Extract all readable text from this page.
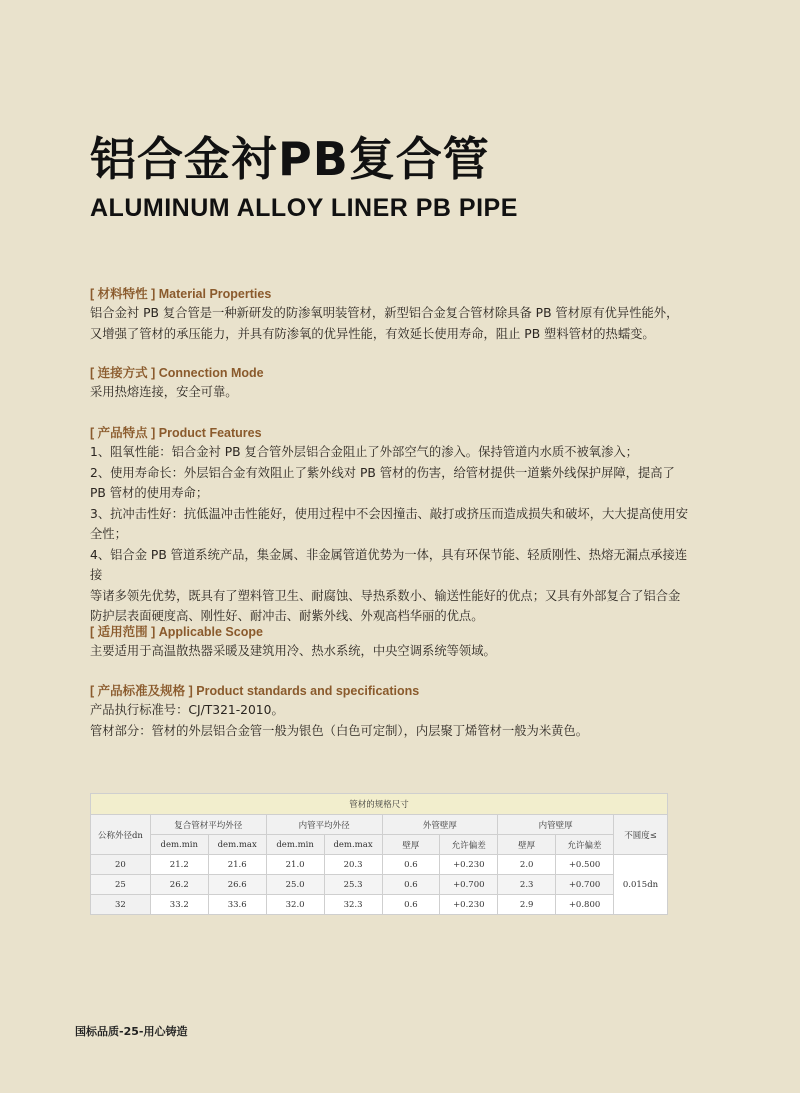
铝合金衬PB复合管
ALUMINUM ALLOY LINER PB PIPE

[ 材料特性 ] Material Properties

铝合金衬 PB 复合管是一种新研发的防渗氧明装管材，新型铝合金复合管材除具备 PB 管材原有优异性能外，

又增强了管材的承压能力，并具有防渗氧的优异性能，有效延长使用寿命，阻止 PB 塑料管材的热蠕变。

[ 连接方式 ] Connection Mode

采用热熔连接，安全可靠。

[ 产品特点 ] Product Features

1、阻氧性能：铝合金衬 PB 复合管外层铝合金阻止了外部空气的渗入。保持管道内水质不被氧渗入；

2、使用寿命长：外层铝合金有效阻止了紫外线对 PB 管材的伤害，给管材提供一道紫外线保护屏障，提高了

PB 管材的使用寿命；

3、抗冲击性好：抗低温冲击性能好，使用过程中不会因撞击、敲打或挤压而造成损失和破坏，大大提高使用安

全性；

4、铝合金 PB 管道系统产品，集金属、非金属管道优势为一体，具有环保节能、轻质刚性、热熔无漏点承接连接

等诸多领先优势，既具有了塑料管卫生、耐腐蚀、导热系数小、输送性能好的优点；又具有外部复合了铝合金

防护层表面硬度高、刚性好、耐冲击、耐紫外线、外观高档华丽的优点。

[ 适用范围 ] Applicable Scope

主要适用于高温散热器采暖及建筑用冷、热水系统，中央空调系统等领域。

[ 产品标准及规格 ] Product standards and specifications

产品执行标准号：CJ/T321-2010。

管材部分：管材的外层铝合金管一般为银色（白色可定制），内层聚丁烯管材一般为米黄色。

管材的规格尺寸									
公称外径dn	复合管材平均外径		内管平均外径		外管壁厚		内管壁厚		不圆度≤
	dem.min	dem.max	dem.min	dem.max	壁厚	允许偏差	壁厚	允许偏差	
20	21.2	21.6	21.0	20.3	0.6	+0.230	2.0	+0.500	0.015dn
25	26.2	26.6	25.0	25.3	0.6	+0.700	2.3	+0.700	
32	33.2	33.6	32.0	32.3	0.6	+0.230	2.9	+0.800	

国标品质-25-用心铸造
